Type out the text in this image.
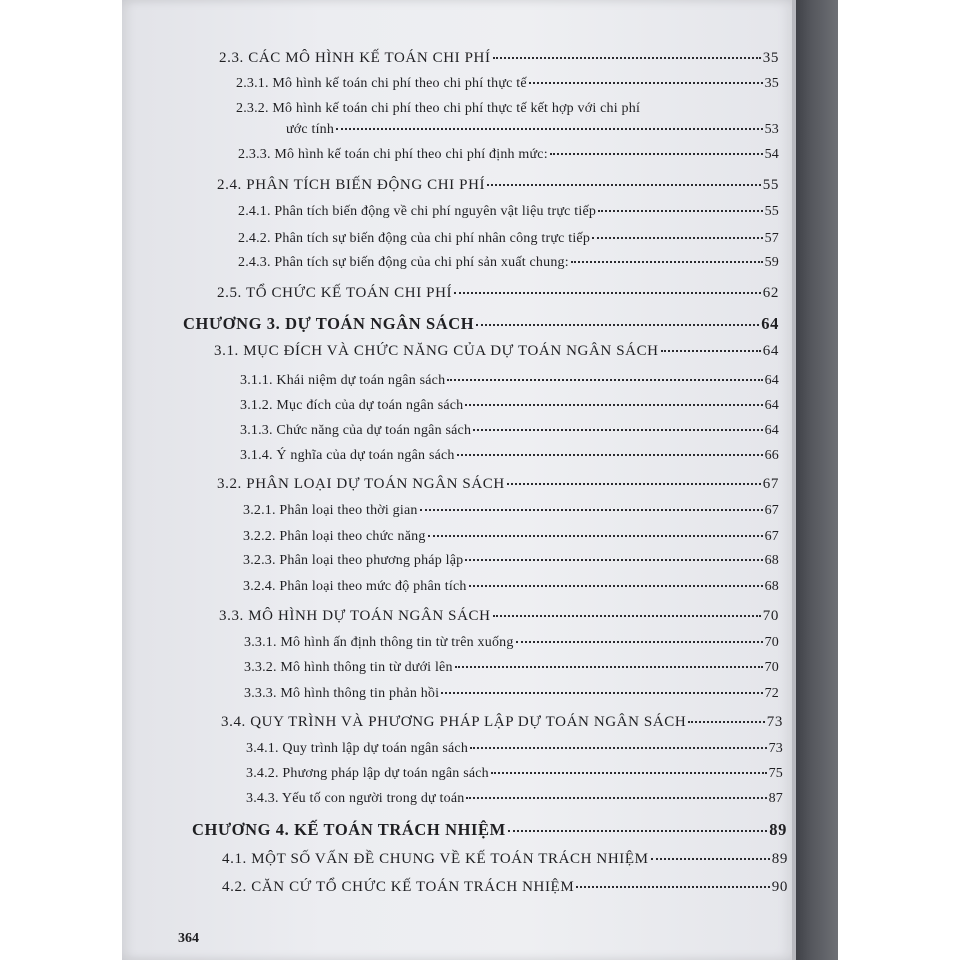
2.3. CÁC MÔ HÌNH KẾ TOÁN CHI PHÍ	35
2.3.1. Mô hình kế toán chi phí theo chi phí thực tế	35
2.3.2. Mô hình kế toán chi phí theo chi phí thực tế kết hợp với chi phí
ước tính	53
2.3.3. Mô hình kế toán chi phí theo chi phí định mức:	54
2.4. PHÂN TÍCH BIẾN ĐỘNG CHI PHÍ	55
2.4.1. Phân tích biến động về chi phí nguyên vật liệu trực tiếp	55
2.4.2. Phân tích sự biến động của chi phí nhân công trực tiếp	57
2.4.3. Phân tích sự biến động của chi phí sản xuất chung:	59
2.5. TỔ CHỨC KẾ TOÁN CHI PHÍ	62
CHƯƠNG 3. DỰ TOÁN NGÂN SÁCH	64
3.1. MỤC ĐÍCH VÀ CHỨC NĂNG CỦA DỰ TOÁN NGÂN SÁCH	64
3.1.1. Khái niệm dự toán ngân sách	64
3.1.2. Mục đích của dự toán ngân sách	64
3.1.3. Chức năng của dự toán ngân sách	64
3.1.4. Ý nghĩa của dự toán ngân sách	66
3.2. PHÂN LOẠI DỰ TOÁN NGÂN SÁCH	67
3.2.1. Phân loại theo thời gian	67
3.2.2. Phân loại theo chức năng	67
3.2.3. Phân loại theo phương pháp lập	68
3.2.4. Phân loại theo mức độ phân tích	68
3.3. MÔ HÌNH DỰ TOÁN NGÂN SÁCH	70
3.3.1. Mô hình ấn định thông tin từ trên xuống	70
3.3.2. Mô hình thông tin từ dưới lên	70
3.3.3. Mô hình thông tin phản hồi	72
3.4. QUY TRÌNH VÀ PHƯƠNG PHÁP LẬP DỰ TOÁN NGÂN SÁCH	73
3.4.1. Quy trình lập dự toán ngân sách	73
3.4.2. Phương pháp lập dự toán ngân sách	75
3.4.3. Yếu tố con người trong dự toán	87
CHƯƠNG 4. KẾ TOÁN TRÁCH NHIỆM	89
4.1. MỘT SỐ VẤN ĐỀ CHUNG VỀ KẾ TOÁN TRÁCH NHIỆM	89
4.2. CĂN CỨ TỔ CHỨC KẾ TOÁN TRÁCH NHIỆM	90
364
